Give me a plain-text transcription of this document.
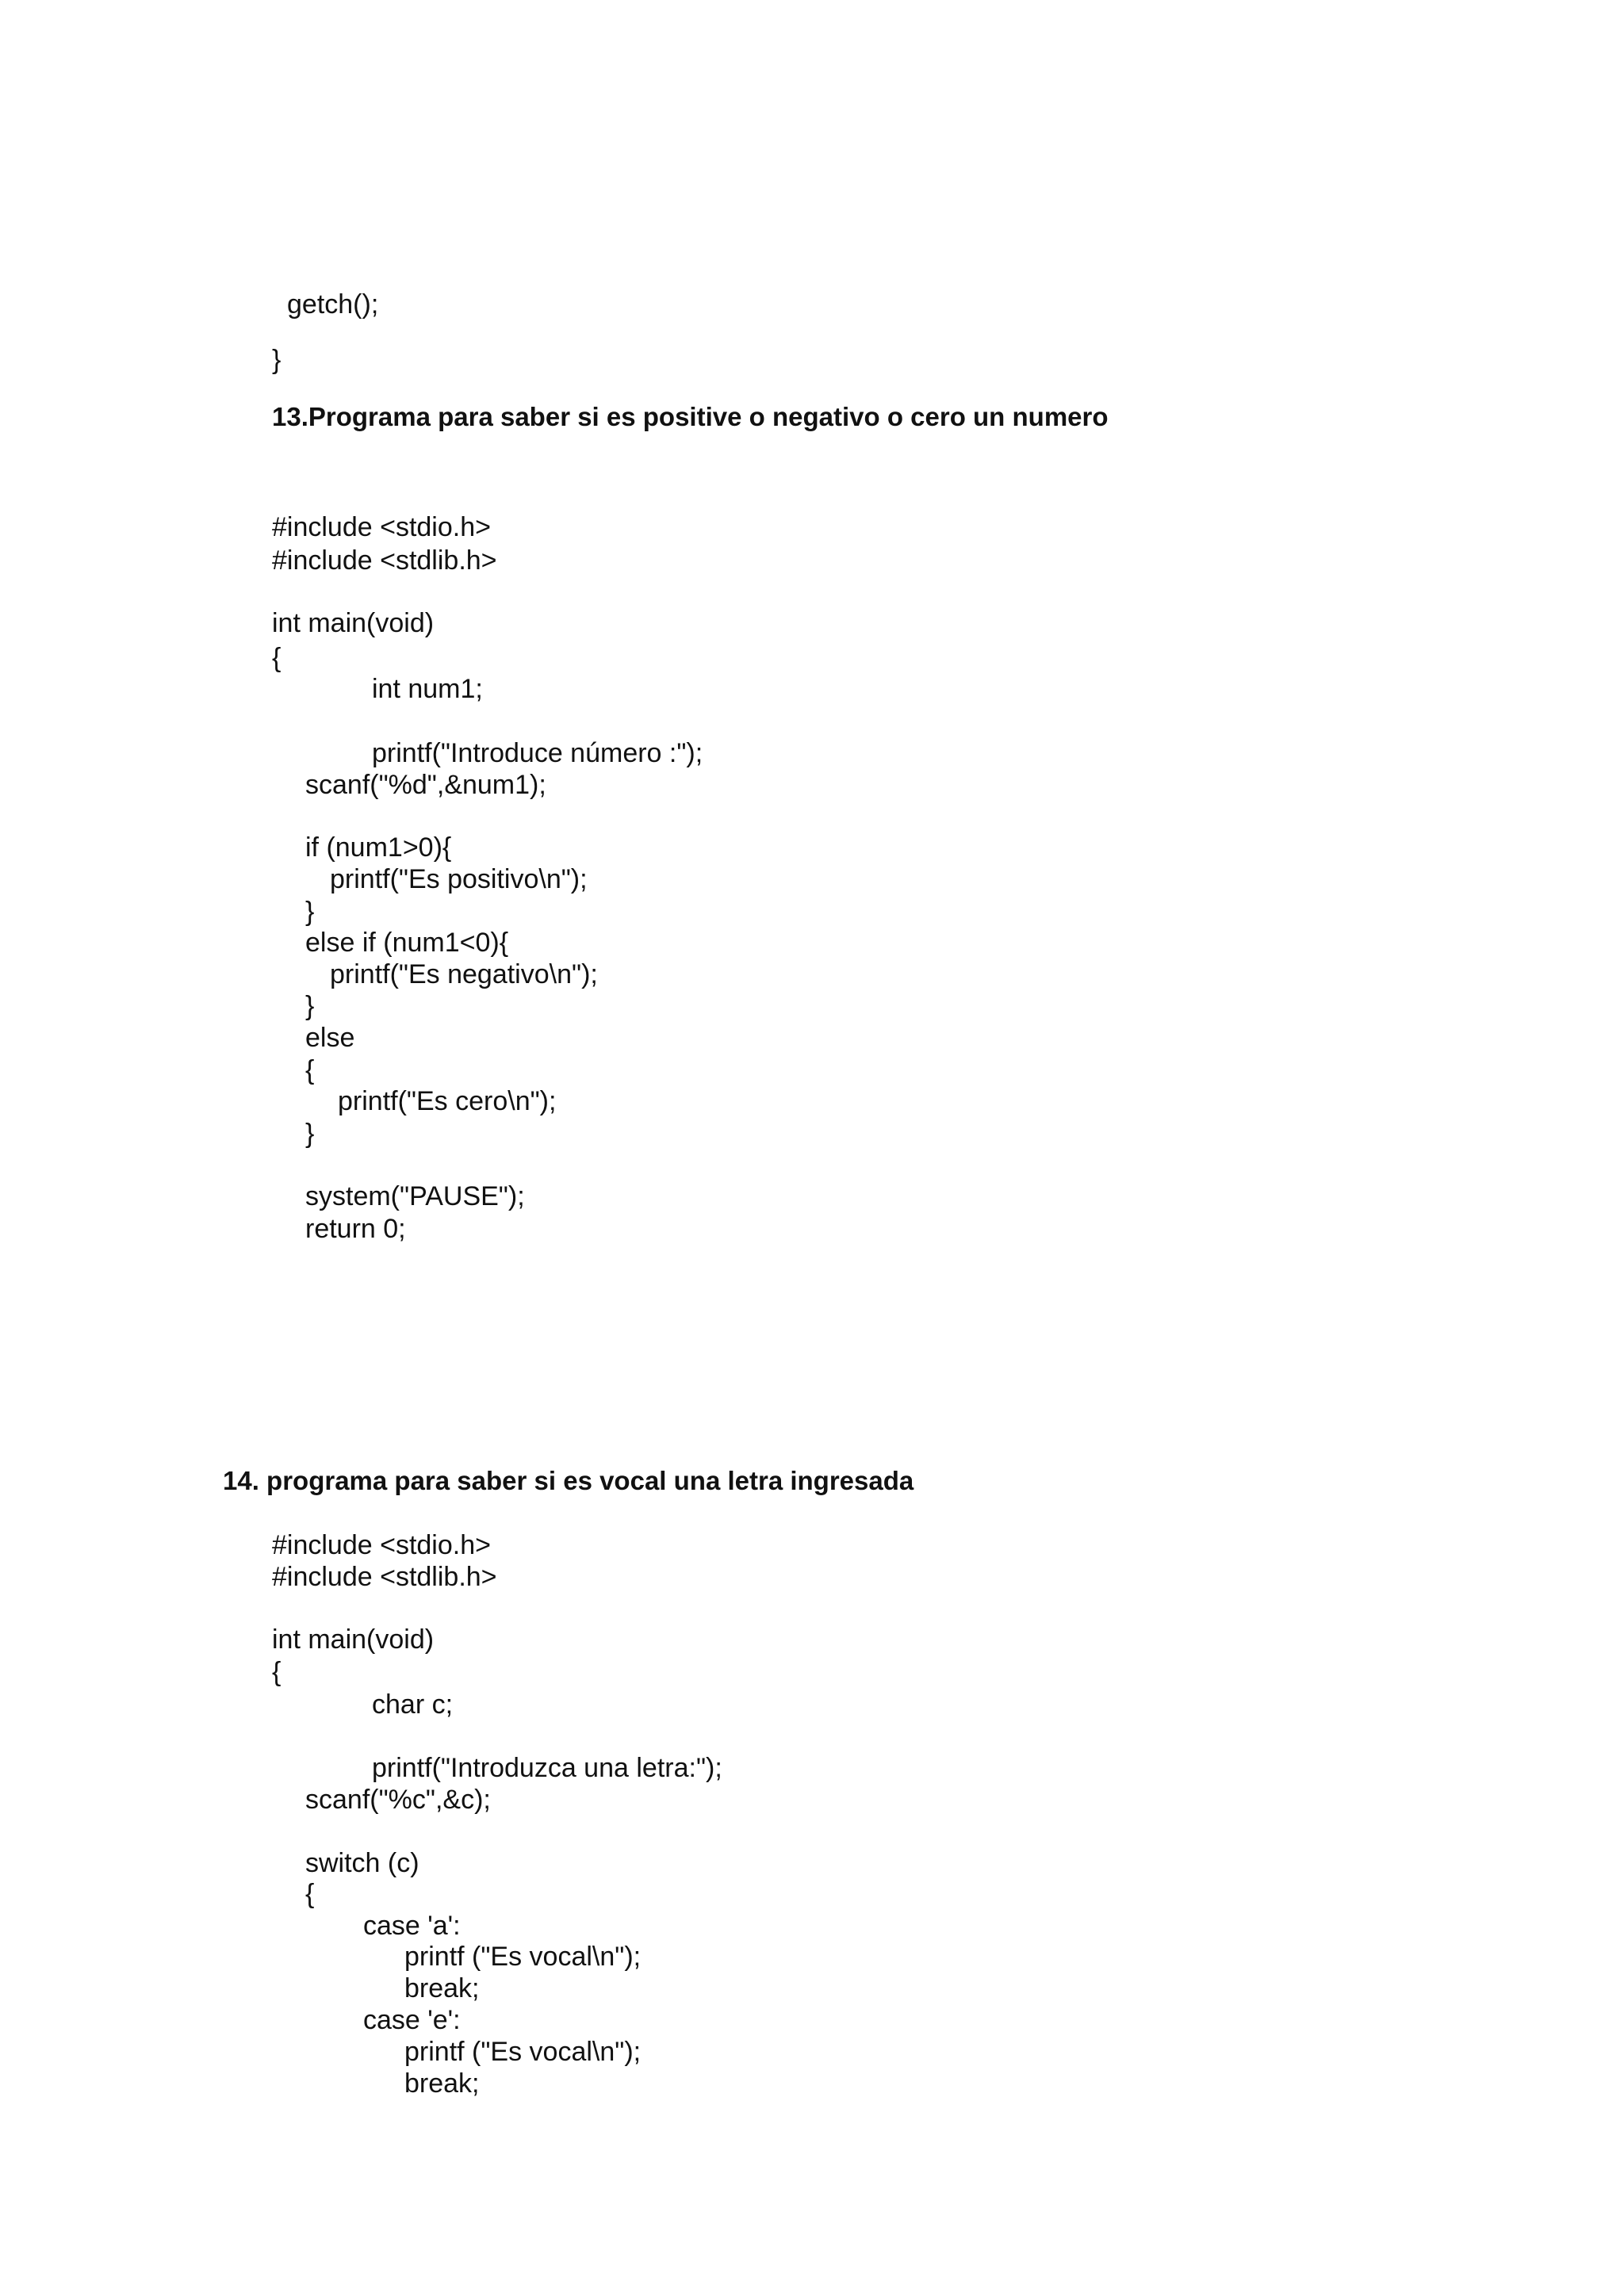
getch();
}
13.Programa para saber si es positive o negativo o cero un numero
#include <stdio.h>
#include <stdlib.h>
int main(void)
{
int num1;
printf("Introduce número :");
scanf("%d",&num1);
if (num1>0){
printf("Es positivo\n");
}
else if (num1<0){
printf("Es negativo\n");
}
else
{
printf("Es cero\n");
}
system("PAUSE");
return 0;
14. programa para saber si es vocal una letra ingresada
#include <stdio.h>
#include <stdlib.h>
int main(void)
{
char c;
printf("Introduzca una letra:");
scanf("%c",&c);
switch (c)
{
case 'a':
printf ("Es vocal\n");
break;
case 'e':
printf ("Es vocal\n");
break;
